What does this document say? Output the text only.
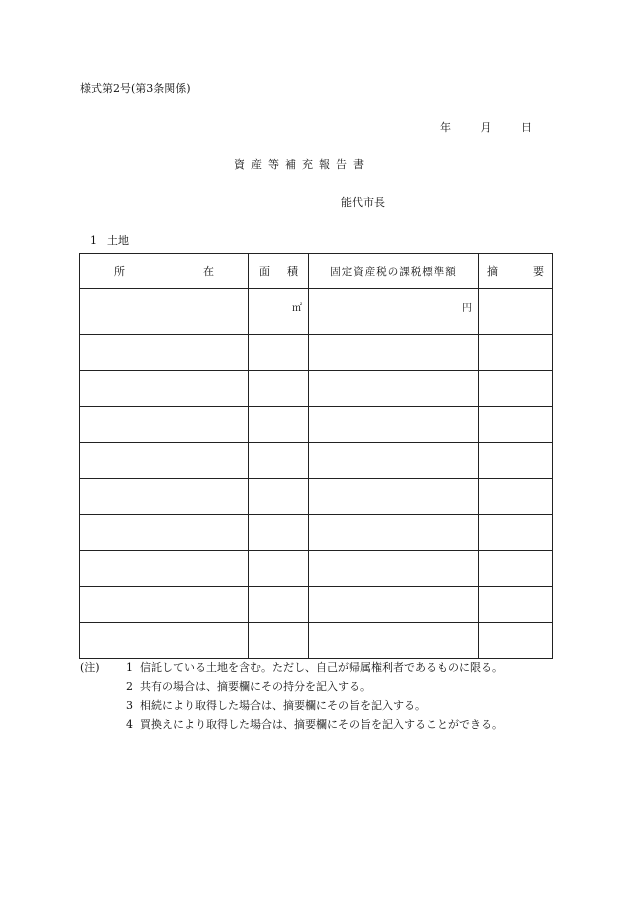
様式第2号(第3条関係)
年	月	日
資産等補充報告書
能代市長
1 土地
所 在	面 積	固定資産税の課税標準額	摘 要

	㎡	円	

(注)	1 信託している土地を含む。ただし、自己が帰属権利者であるものに限る。
2 共有の場合は、摘要欄にその持分を記入する。
3 相続により取得した場合は、摘要欄にその旨を記入する。
4 買換えにより取得した場合は、摘要欄にその旨を記入することができる。
